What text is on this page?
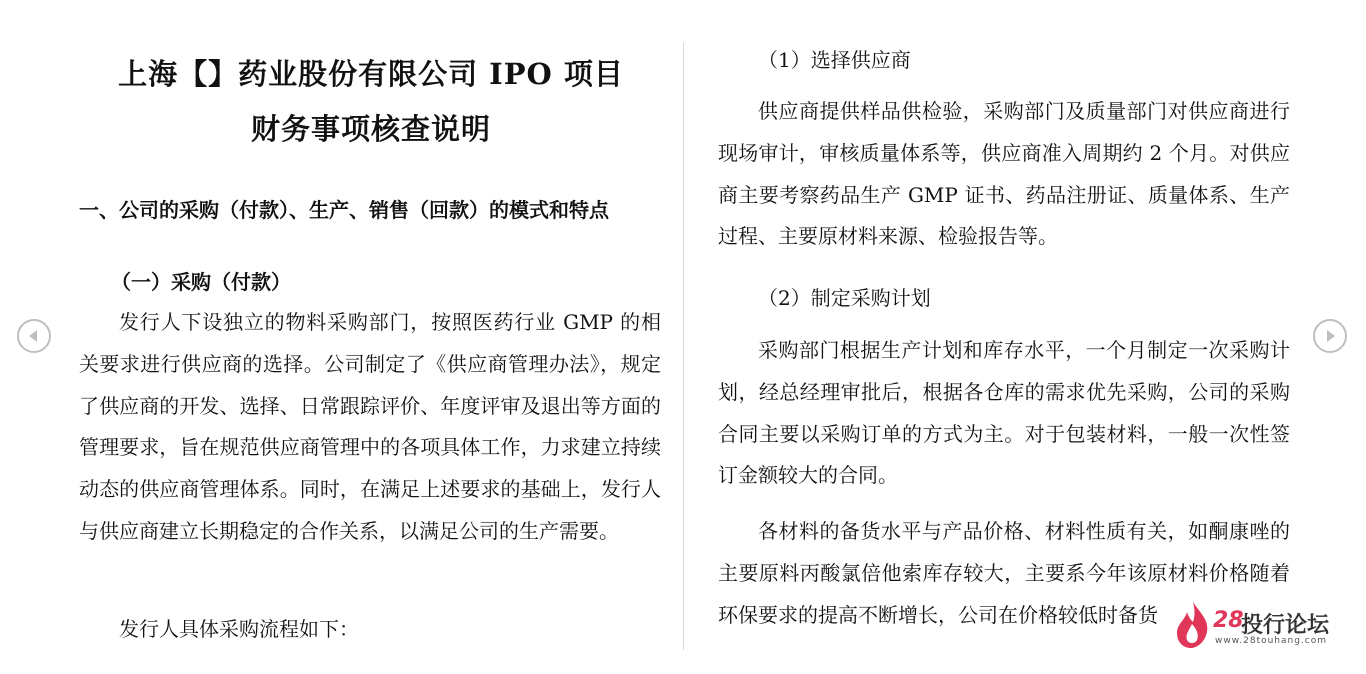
上海【】药业股份有限公司 IPO 项目
财务事项核查说明
一、公司的采购（付款）、生产、销售（回款）的模式和特点
（一）采购（付款）

发行人下设独立的物料采购部门，按照医药行业 GMP 的相关要求进行供应商的选择。公司制定了《供应商管理办法》，规定了供应商的开发、选择、日常跟踪评价、年度评审及退出等方面的管理要求，旨在规范供应商管理中的各项具体工作，力求建立持续动态的供应商管理体系。同时，在满足上述要求的基础上，发行人与供应商建立长期稳定的合作关系，以满足公司的生产需要。

发行人具体采购流程如下：

（1）选择供应商

供应商提供样品供检验，采购部门及质量部门对供应商进行现场审计，审核质量体系等，供应商准入周期约 2 个月。对供应商主要考察药品生产 GMP 证书、药品注册证、质量体系、生产过程、主要原材料来源、检验报告等。

（2）制定采购计划

采购部门根据生产计划和库存水平，一个月制定一次采购计划，经总经理审批后，根据各仓库的需求优先采购，公司的采购合同主要以采购订单的方式为主。对于包装材料，一般一次性签订金额较大的合同。

各材料的备货水平与产品价格、材料性质有关，如酮康唑的主要原料丙酸氯倍他索库存较大，主要系今年该原材料价格随着环保要求的提高不断增长，公司在价格较低时备货	28
投行论坛
www.28touhang.com
